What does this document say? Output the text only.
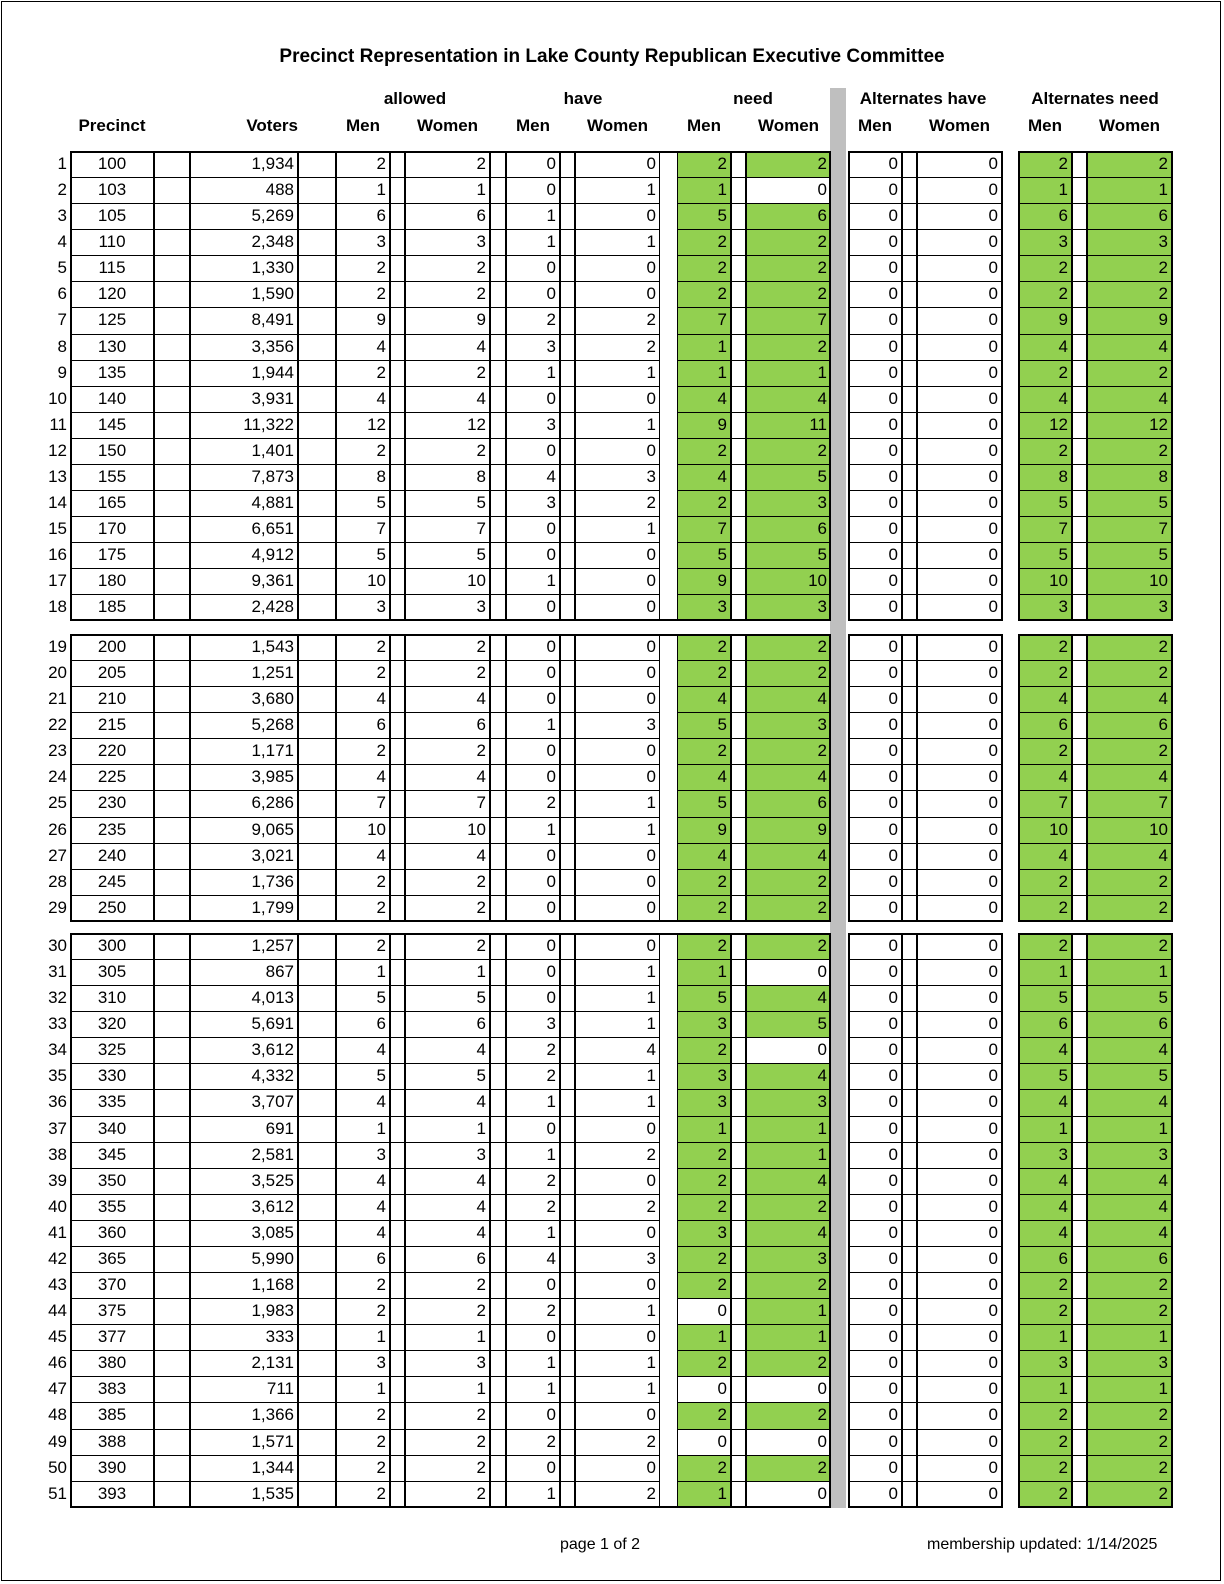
Precinct Representation in Lake County Republican Executive Committee
allowed	have	need	Alternates have	Alternates need
Precinct	Voters	Men	Women	Men	Women	Men	Women	Men	Women	Men	Women
1	100	1,934	2	2	0	0	2	2	0	0	2	2
2	103	488	1	1	0	1	1	0	0	0	1	1
3	105	5,269	6	6	1	0	5	6	0	0	6	6
4	110	2,348	3	3	1	1	2	2	0	0	3	3
5	115	1,330	2	2	0	0	2	2	0	0	2	2
6	120	1,590	2	2	0	0	2	2	0	0	2	2
7	125	8,491	9	9	2	2	7	7	0	0	9	9
8	130	3,356	4	4	3	2	1	2	0	0	4	4
9	135	1,944	2	2	1	1	1	1	0	0	2	2
10	140	3,931	4	4	0	0	4	4	0	0	4	4
11	145	11,322	12	12	3	1	9	11	0	0	12	12
12	150	1,401	2	2	0	0	2	2	0	0	2	2
13	155	7,873	8	8	4	3	4	5	0	0	8	8
14	165	4,881	5	5	3	2	2	3	0	0	5	5
15	170	6,651	7	7	0	1	7	6	0	0	7	7
16	175	4,912	5	5	0	0	5	5	0	0	5	5
17	180	9,361	10	10	1	0	9	10	0	0	10	10
18	185	2,428	3	3	0	0	3	3	0	0	3	3
19	200	1,543	2	2	0	0	2	2	0	0	2	2
20	205	1,251	2	2	0	0	2	2	0	0	2	2
21	210	3,680	4	4	0	0	4	4	0	0	4	4
22	215	5,268	6	6	1	3	5	3	0	0	6	6
23	220	1,171	2	2	0	0	2	2	0	0	2	2
24	225	3,985	4	4	0	0	4	4	0	0	4	4
25	230	6,286	7	7	2	1	5	6	0	0	7	7
26	235	9,065	10	10	1	1	9	9	0	0	10	10
27	240	3,021	4	4	0	0	4	4	0	0	4	4
28	245	1,736	2	2	0	0	2	2	0	0	2	2
29	250	1,799	2	2	0	0	2	2	0	0	2	2
30	300	1,257	2	2	0	0	2	2	0	0	2	2
31	305	867	1	1	0	1	1	0	0	0	1	1
32	310	4,013	5	5	0	1	5	4	0	0	5	5
33	320	5,691	6	6	3	1	3	5	0	0	6	6
34	325	3,612	4	4	2	4	2	0	0	0	4	4
35	330	4,332	5	5	2	1	3	4	0	0	5	5
36	335	3,707	4	4	1	1	3	3	0	0	4	4
37	340	691	1	1	0	0	1	1	0	0	1	1
38	345	2,581	3	3	1	2	2	1	0	0	3	3
39	350	3,525	4	4	2	0	2	4	0	0	4	4
40	355	3,612	4	4	2	2	2	2	0	0	4	4
41	360	3,085	4	4	1	0	3	4	0	0	4	4
42	365	5,990	6	6	4	3	2	3	0	0	6	6
43	370	1,168	2	2	0	0	2	2	0	0	2	2
44	375	1,983	2	2	2	1	0	1	0	0	2	2
45	377	333	1	1	0	0	1	1	0	0	1	1
46	380	2,131	3	3	1	1	2	2	0	0	3	3
47	383	711	1	1	1	1	0	0	0	0	1	1
48	385	1,366	2	2	0	0	2	2	0	0	2	2
49	388	1,571	2	2	2	2	0	0	0	0	2	2
50	390	1,344	2	2	0	0	2	2	0	0	2	2
51	393	1,535	2	2	1	2	1	0	0	0	2	2
page 1 of 2	membership updated: 1/14/2025
